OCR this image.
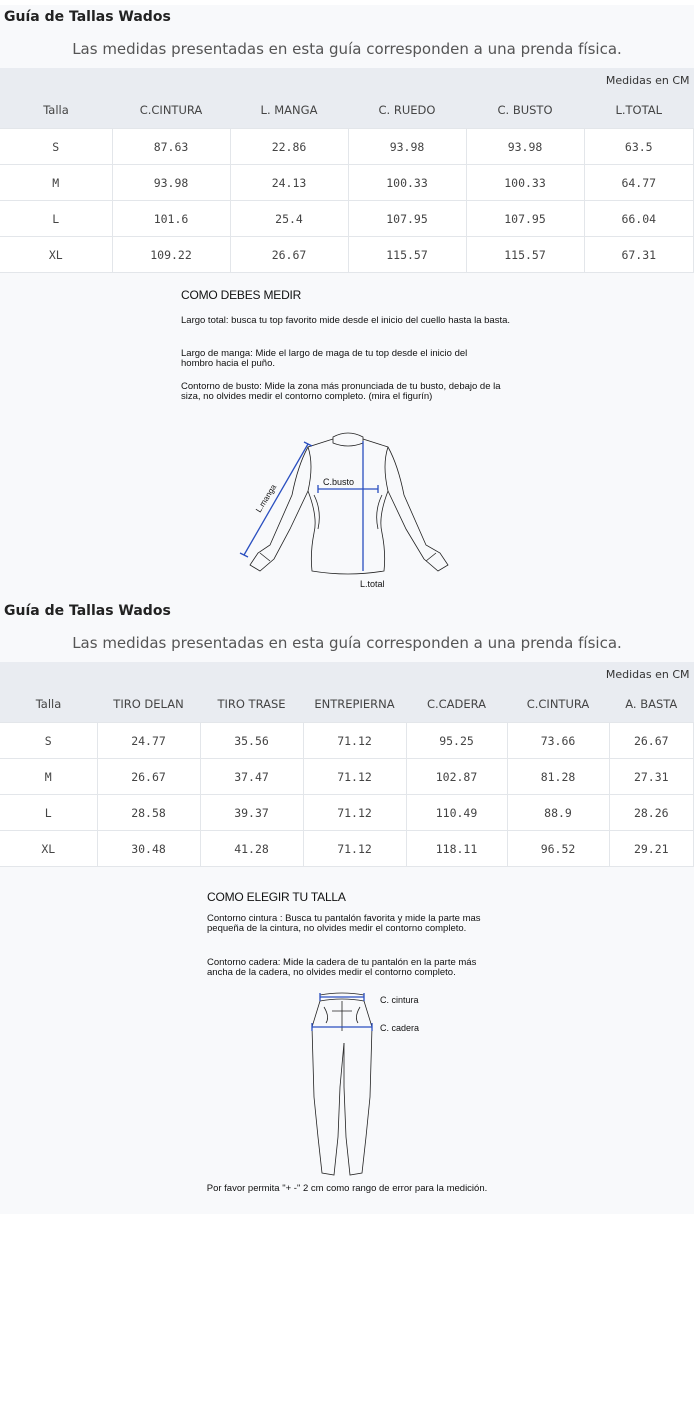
Guía de Tallas Wados
Las medidas presentadas en esta guía corresponden a una prenda física.
Medidas en CM					
Talla	C.CINTURA	L. MANGA	C. RUEDO	C. BUSTO	L.TOTAL
S	87.63	22.86	93.98	93.98	63.5
M	93.98	24.13	100.33	100.33	64.77
L	101.6	25.4	107.95	107.95	66.04
XL	109.22	26.67	115.57	115.57	67.31
COMO DEBES MEDIR

Largo total: busca tu top favorito mide desde el inicio del cuello hasta la basta.

Largo de manga: Mide el largo de maga de tu top desde el inicio del hombro hacia el puño.

Contorno de busto: Mide la zona más pronunciada de tu busto, debajo de la siza, no olvides medir el contorno completo. (mira el figurín)

C.busto
L.manga
L.total
Guía de Tallas Wados
Las medidas presentadas en esta guía corresponden a una prenda física.
Medidas en CM						
Talla	TIRO DELAN	TIRO TRASE	ENTREPIERNA	C.CADERA	C.CINTURA	A. BASTA
S	24.77	35.56	71.12	95.25	73.66	26.67
M	26.67	37.47	71.12	102.87	81.28	27.31
L	28.58	39.37	71.12	110.49	88.9	28.26
XL	30.48	41.28	71.12	118.11	96.52	29.21
COMO ELEGIR TU TALLA

Contorno cintura : Busca tu pantalón favorita y mide la parte mas pequeña de la cintura, no olvides medir el contorno completo.

Contorno cadera: Mide la cadera de tu pantalón en la parte más ancha de la cadera, no olvides medir el contorno completo.

C. cintura
C. cadera
Por favor permita "+ -" 2 cm como rango de error para la medición.
